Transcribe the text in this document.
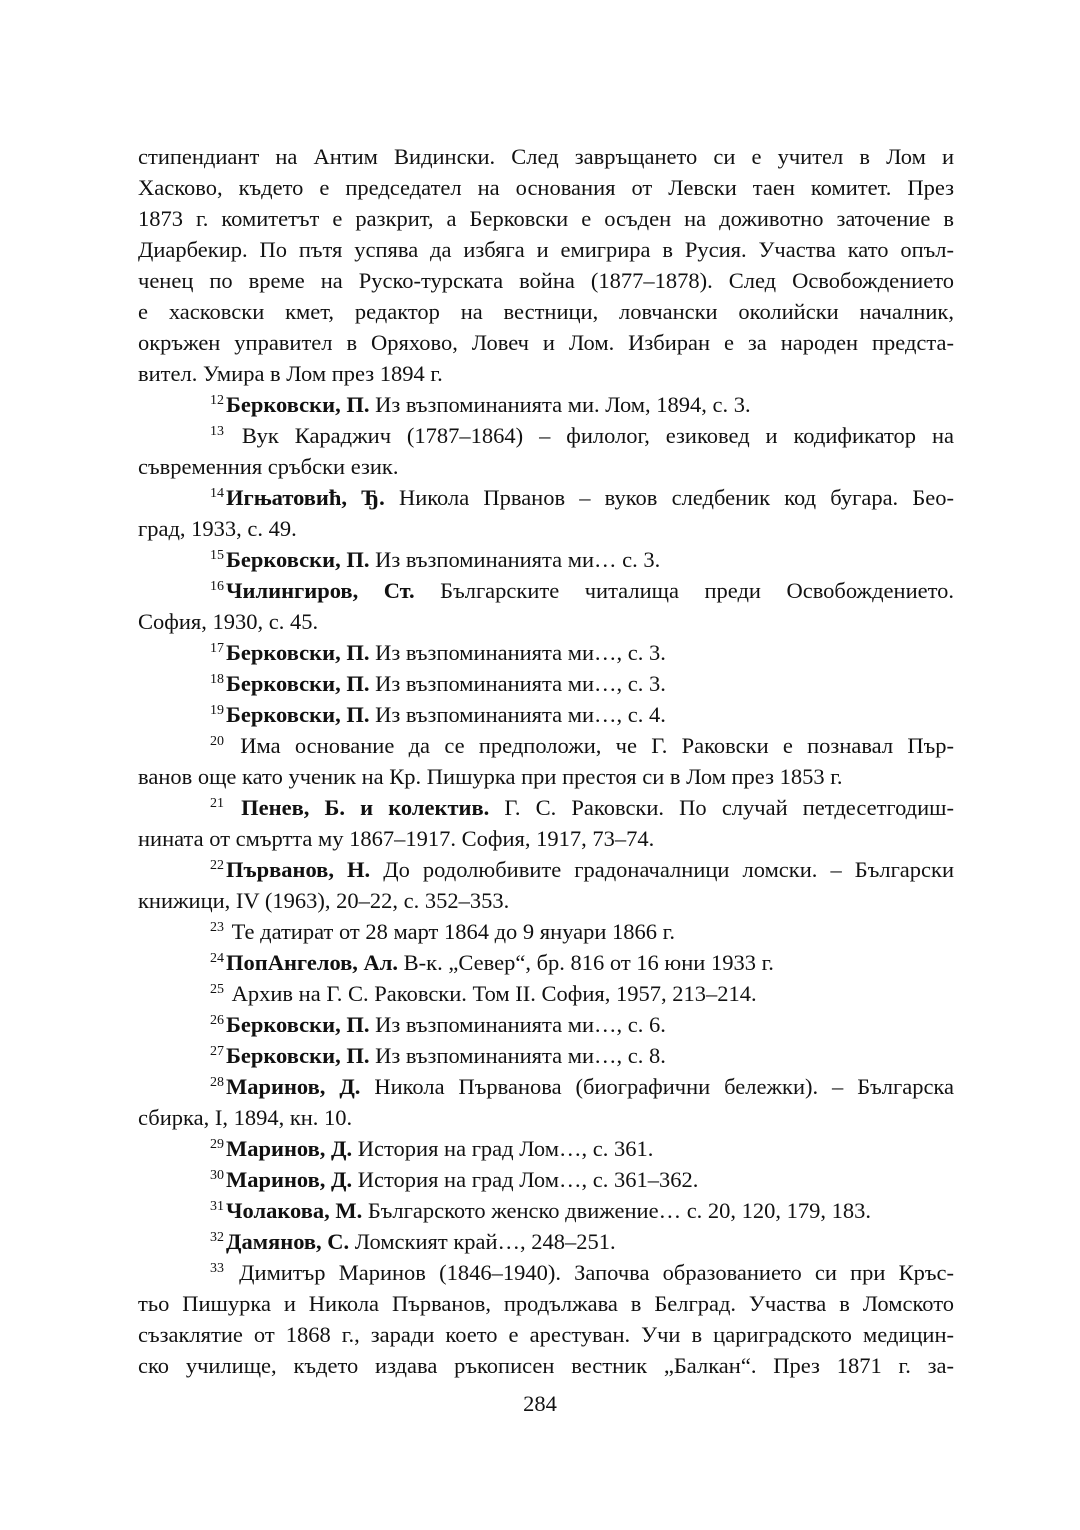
стипендиант на Антим Видински. След завръщането си е учител в Лом и
Хасково, където е председател на основания от Левски таен комитет. През
1873 г. комитетът е разкрит, а Берковски е осъден на доживотно заточение в
Диарбекир. По пътя успява да избяга и емигрира в Русия. Участва като опъл-
ченец по време на Руско-турската война (1877–1878). След Освобождението
е хасковски кмет, редактор на вестници, ловчански околийски началник,
окръжен управител в Оряхово, Ловеч и Лом. Избиран е за народен предста-
вител. Умира в Лом през 1894 г.
$^{12}$Берковски, П. Из възпоминанията ми. Лом, 1894, с. 3.
$^{13}$ Вук Караджич (1787–1864) – филолог, езиковед и кодификатор на
съвременния сръбски език.
$^{14}$Игњатовић, Ђ. Никола Прванов – вуков следбеник код бугара. Бео-
град, 1933, с. 49.
$^{15}$Берковски, П. Из възпоминанията ми… с. 3.
$^{16}$Чилингиров, Ст. Българските читалища преди Освобождението.
София, 1930, с. 45.
$^{17}$Берковски, П. Из възпоминанията ми…, с. 3.
$^{18}$Берковски, П. Из възпоминанията ми…, с. 3.
$^{19}$Берковски, П. Из възпоминанията ми…, с. 4.
$^{20}$ Има основание да се предположи, че Г. Раковски е познавал Пър-
ванов още като ученик на Кр. Пишурка при престоя си в Лом през 1853 г.
$^{21}$ Пенев, Б. и колектив. Г. С. Раковски. По случай петдесетгодиш-
нината от смъртта му 1867–1917. София, 1917, 73–74.
$^{22}$Първанов, Н. До родолюбивите градоначалници ломски. – Български
книжици, IV (1963), 20–22, с. 352–353.
$^{23}$ Те датират от 28 март 1864 до 9 януари 1866 г.
$^{24}$ПопАнгелов, Ал. В-к. „Север“, бр. 816 от 16 юни 1933 г.
$^{25}$ Архив на Г. С. Раковски. Том II. София, 1957, 213–214.
$^{26}$Берковски, П. Из възпоминанията ми…, с. 6.
$^{27}$Берковски, П. Из възпоминанията ми…, с. 8.
$^{28}$Маринов, Д. Никола Първанова (биографични бележки). – Българска
сбирка, I, 1894, кн. 10.
$^{29}$Маринов, Д. История на град Лом…, с. 361.
$^{30}$Маринов, Д. История на град Лом…, с. 361–362.
$^{31}$Чолакова, М. Българското женско движение… с. 20, 120, 179, 183.
$^{32}$Дамянов, С. Ломският край…, 248–251.
$^{33}$ Димитър Маринов (1846–1940). Започва образованието си при Кръс-
тьо Пишурка и Никола Първанов, продължава в Белград. Участва в Ломското
съзаклятие от 1868 г., заради което е арестуван. Учи в цариградското медицин-
ско училище, където издава ръкописен вестник „Балкан“. През 1871 г. за-
284
